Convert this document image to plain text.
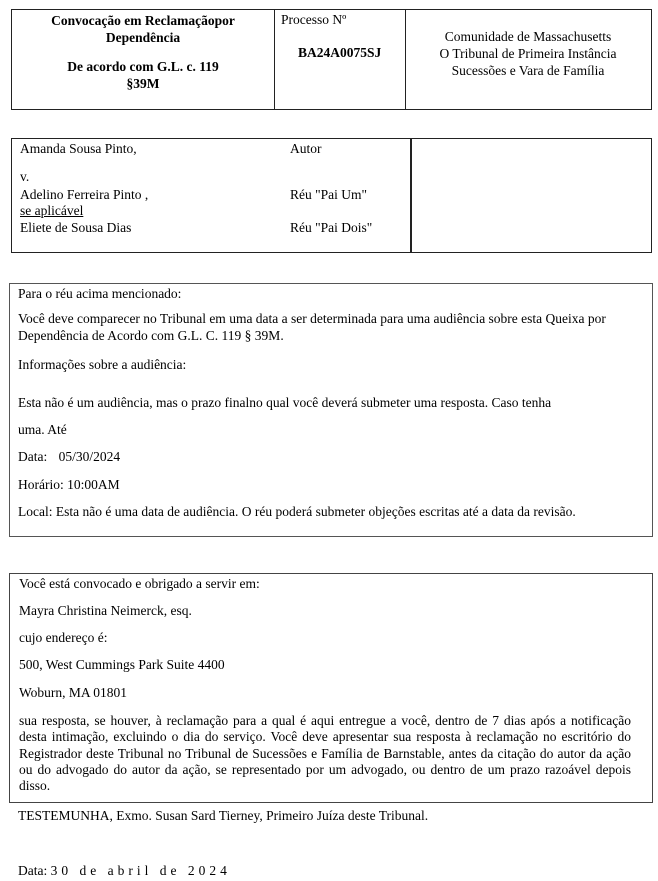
Convocação em Reclamaçãopor
Dependência
De acordo com G.L. c. 119
§39M
Processo Nº
BA24A0075SJ
Comunidade de Massachusetts
O Tribunal de Primeira Instância
Sucessões e Vara de Família
Amanda Sousa Pinto,	Autor
v.
Adelino Ferreira Pinto ,	Réu "Pai Um"
se aplicável
Eliete de Sousa Dias	Réu "Pai Dois"
Para o réu acima mencionado:
Você deve comparecer no Tribunal em uma data a ser determinada para uma audiência sobre esta Queixa por
Dependência de Acordo com G.L. C. 119 § 39M.
Informações sobre a audiência:
Esta não é um audiência, mas o prazo finalno qual você deverá submeter uma resposta. Caso tenha
uma. Até
Data: 05/30/2024
Horário: 10:00AM
Local: Esta não é uma data de audiência. O réu poderá submeter objeções escritas até a data da revisão.
Você está convocado e obrigado a servir em:
Mayra Christina Neimerck, esq.
cujo endereço é:
500, West Cummings Park Suite 4400
Woburn, MA 01801
sua resposta, se houver, à reclamação para a qual é aqui entregue a você, dentro de 7 dias após a notificação desta intimação, excluindo o dia do serviço. Você deve apresentar sua resposta à reclamação no escritório do Registrador deste Tribunal no Tribunal de Sucessões e Família de Barnstable, antes da citação do autor da ação ou do advogado do autor da ação, se representado por um advogado, ou dentro de um prazo razoável depois disso.
TESTEMUNHA, Exmo. Susan Sard Tierney, Primeiro Juíza deste Tribunal.
Data: 30 de abril de 2024
